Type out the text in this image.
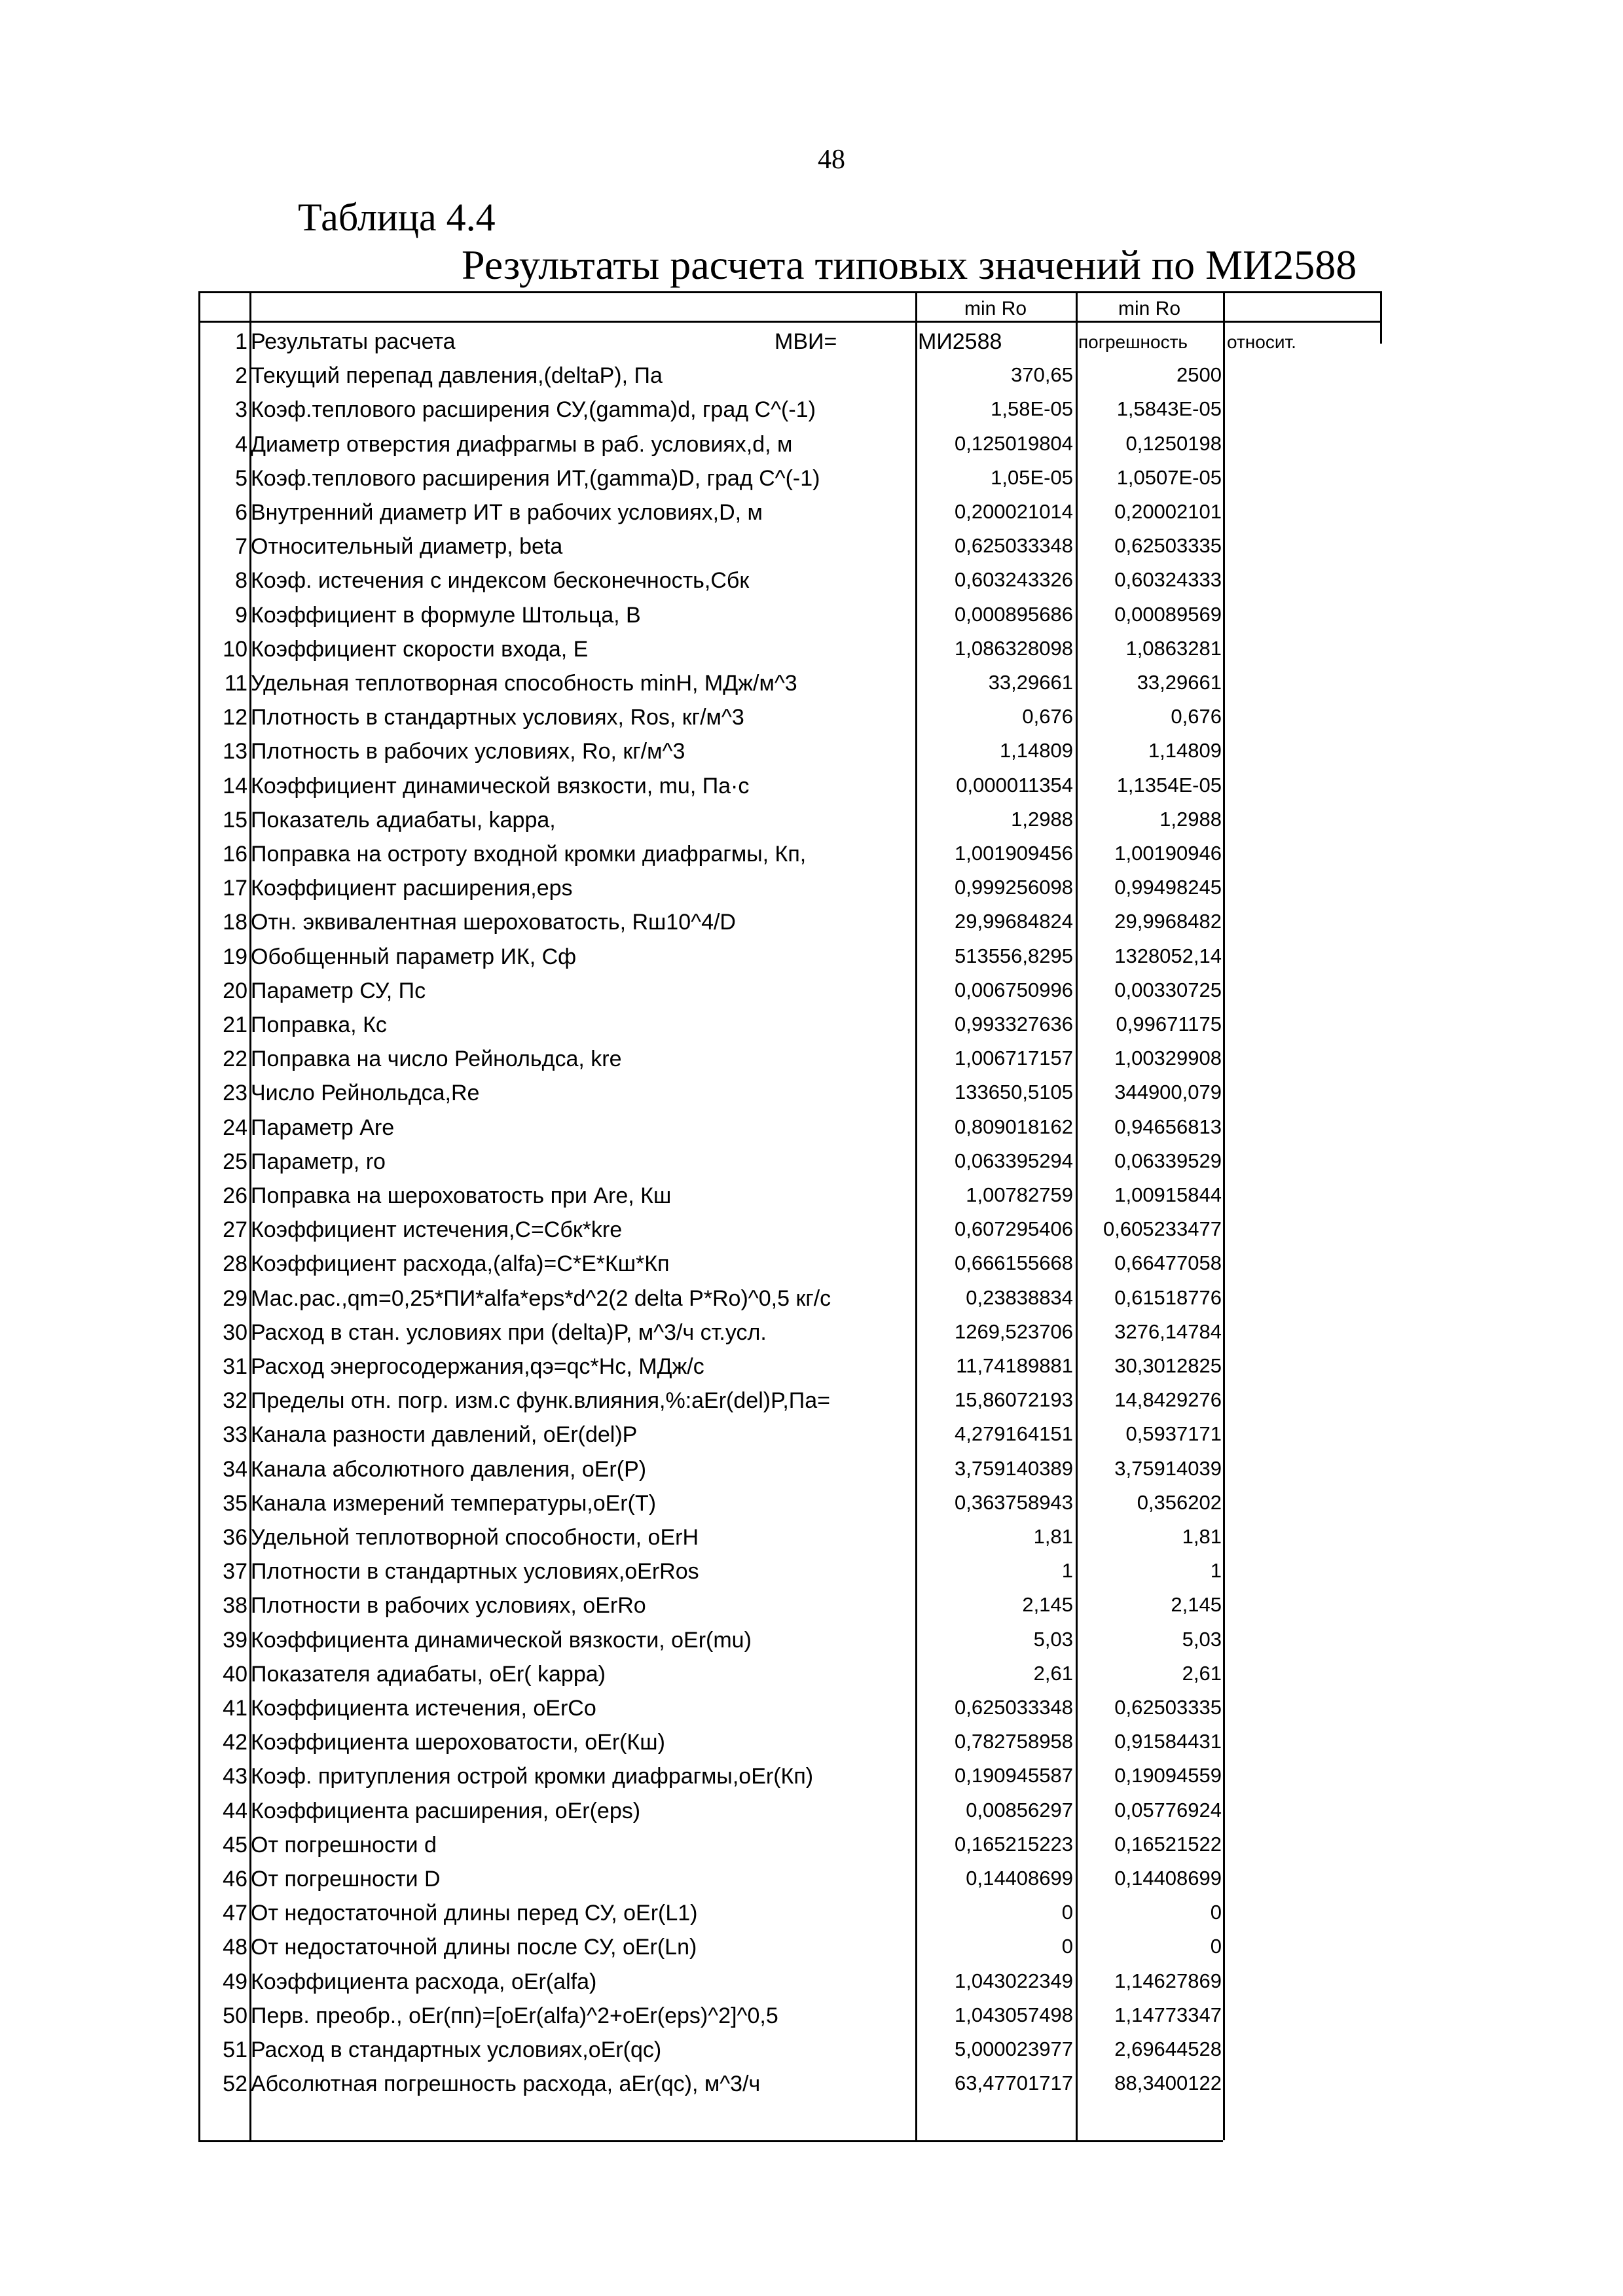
48
Таблица 4.4
Результаты расчета типовых значений по МИ2588
min Ro	min Ro
1 Результаты расчета	МВИ=	МИ2588	погрешность относит.
2 Текущий перепад давления,(deltaP), Па	370,65	2500
3 Коэф.теплового расширения СУ,(gamma)d, град С^(-1)	1,58E-05	1,5843E-05
4 Диаметр отверстия диафрагмы в раб. условиях,d, м	0,125019804	0,1250198
5 Коэф.теплового расширения ИТ,(gamma)D, град С^(-1)	1,05E-05	1,0507E-05
6 Внутренний диаметр ИТ в рабочих условиях,D, м	0,200021014	0,20002101
7 Относительный диаметр, beta	0,625033348	0,62503335
8 Коэф. истечения с индексом бесконечность,Сбк	0,603243326	0,60324333
9 Коэффициент в формуле Штольца, В	0,000895686	0,00089569
10 Коэффициент скорости входа, Е	1,086328098	1,0863281
11 Удельная теплотворная способность minH, МДж/м^3	33,29661	33,29661
12 Плотность в стандартных условиях, Ros, кг/м^3	0,676	0,676
13 Плотность в рабочих условиях, Ro, кг/м^3	1,14809	1,14809
14 Коэффициент динамической вязкости, mu, Па·с	0,000011354	1,1354E-05
15 Показатель адиабаты, kappa,	1,2988	1,2988
16 Поправка на остроту входной кромки диафрагмы, Кп,	1,001909456	1,00190946
17 Коэффициент расширения,eps	0,999256098	0,99498245
18 Отн. эквивалентная шероховатость, Rш10^4/D	29,99684824	29,9968482
19 Обобщенный параметр ИК, Сф	513556,8295	1328052,14
20 Параметр СУ, Пс	0,006750996	0,00330725
21 Поправка, Кс	0,993327636	0,99671175
22 Поправка на число Рейнольдса, kre	1,006717157	1,00329908
23 Число Рейнольдса,Re	133650,5105	344900,079
24 Параметр Are	0,809018162	0,94656813
25 Параметр, ro	0,063395294	0,06339529
26 Поправка на шероховатость при Are, Кш	1,00782759	1,00915844
27 Коэффициент истечения,C=Сбк*kre	0,607295406	0,605233477
28 Коэффициент расхода,(alfa)=C*E*Кш*Кп	0,666155668	0,66477058
29 Мас.рас.,qm=0,25*ПИ*alfa*eps*d^2(2 delta P*Ro)^0,5 кг/с	0,23838834	0,61518776
30 Расход в стан. условиях при (delta)P, м^3/ч ст.усл.	1269,523706	3276,14784
31 Расход энергосодержания,qэ=qc*Hc, МДж/с	11,74189881	30,3012825
32 Пределы отн. погр. изм.с функ.влияния,%:aEr(del)P,Па=	15,86072193	14,8429276
33 Канала разности давлений, oEr(del)P	4,279164151	0,5937171
34 Канала абсолютного давления, oEr(P)	3,759140389	3,75914039
35 Канала измерений температуры,oEr(T)	0,363758943	0,356202
36 Удельной теплотворной способности, oErH	1,81	1,81
37 Плотности в стандартных условиях,oErRos	1	1
38 Плотности в рабочих условиях, oErRo	2,145	2,145
39 Коэффициента динамической вязкости, oEr(mu)	5,03	5,03
40 Показателя адиабаты, oEr( kappa)	2,61	2,61
41 Коэффициента истечения, oErCo	0,625033348	0,62503335
42 Коэффициента шероховатости, oEr(Кш)	0,782758958	0,91584431
43 Коэф. притупления острой кромки диафрагмы,oEr(Кп)	0,190945587	0,19094559
44 Коэффициента расширения, oEr(eps)	0,00856297	0,05776924
45 От погрешности d	0,165215223	0,16521522
46 От погрешности D	0,14408699	0,14408699
47 От недостаточной длины перед СУ, oEr(L1)	0	0
48 От недостаточной длины после СУ, oEr(Ln)	0	0
49 Коэффициента расхода, oEr(alfa)	1,043022349	1,14627869
50 Перв. преобр., oEr(пп)=[oEr(alfa)^2+oEr(eps)^2]^0,5	1,043057498	1,14773347
51 Расход в стандартных условиях,oEr(qc)	5,000023977	2,69644528
52 Абсолютная погрешность расхода, aEr(qc), м^3/ч	63,47701717	88,3400122
